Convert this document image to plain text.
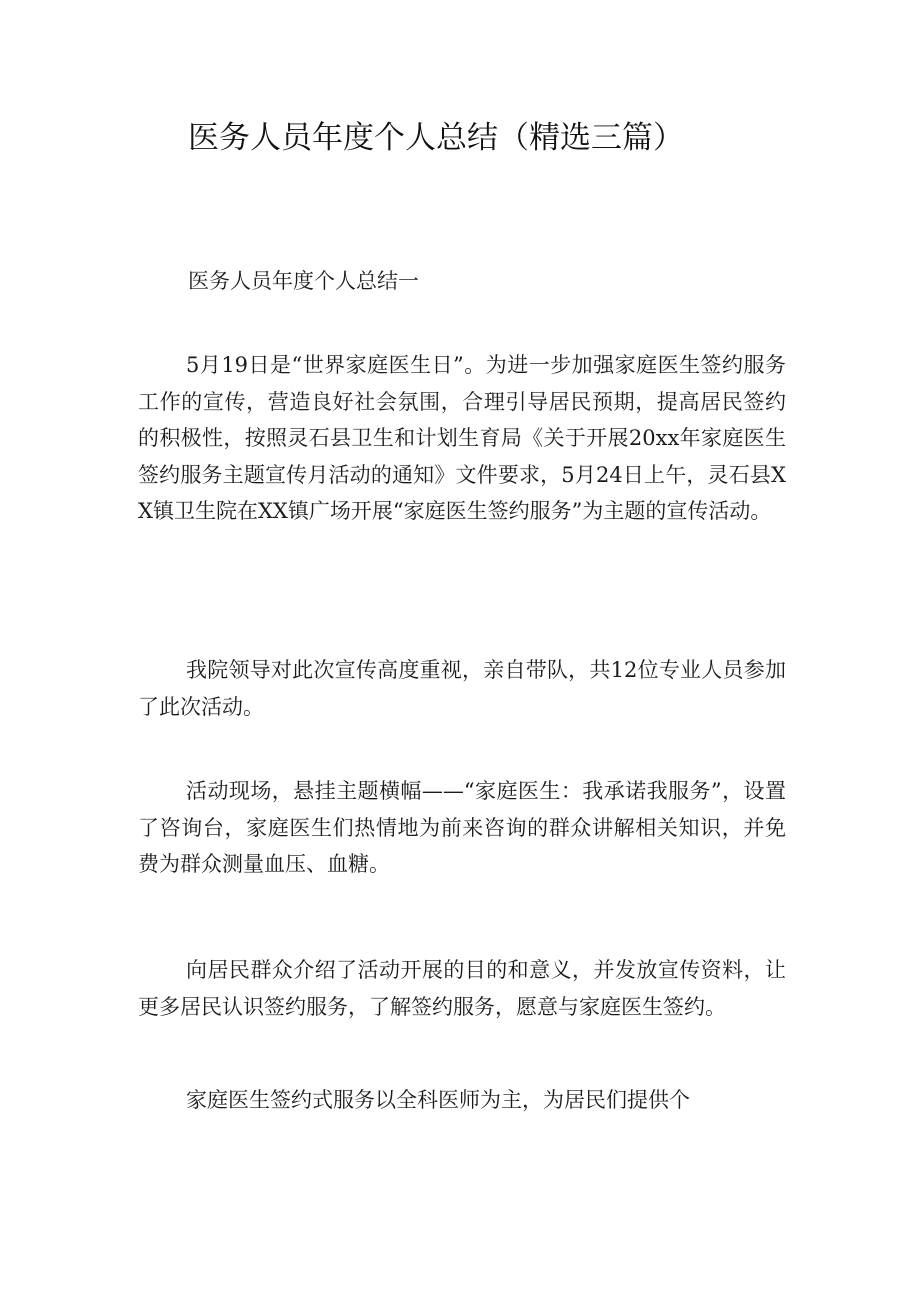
医务人员年度个人总结（精选三篇）

医务人员年度个人总结一

5月19日是“世界家庭医生日”。为进一步加强家庭医生签约服务工作的宣传，营造良好社会氛围，合理引导居民预期，提高居民签约的积极性，按照灵石县卫生和计划生育局《关于开展20xx年家庭医生签约服务主题宣传月活动的通知》文件要求，5月24日上午，灵石县XX镇卫生院在XX镇广场开展“家庭医生签约服务”为主题的宣传活动。

我院领导对此次宣传高度重视，亲自带队，共12位专业人员参加了此次活动。

活动现场，悬挂主题横幅——“家庭医生：我承诺我服务”，设置了咨询台，家庭医生们热情地为前来咨询的群众讲解相关知识，并免费为群众测量血压、血糖。

向居民群众介绍了活动开展的目的和意义，并发放宣传资料，让更多居民认识签约服务，了解签约服务，愿意与家庭医生签约。

家庭医生签约式服务以全科医师为主，为居民们提供个
